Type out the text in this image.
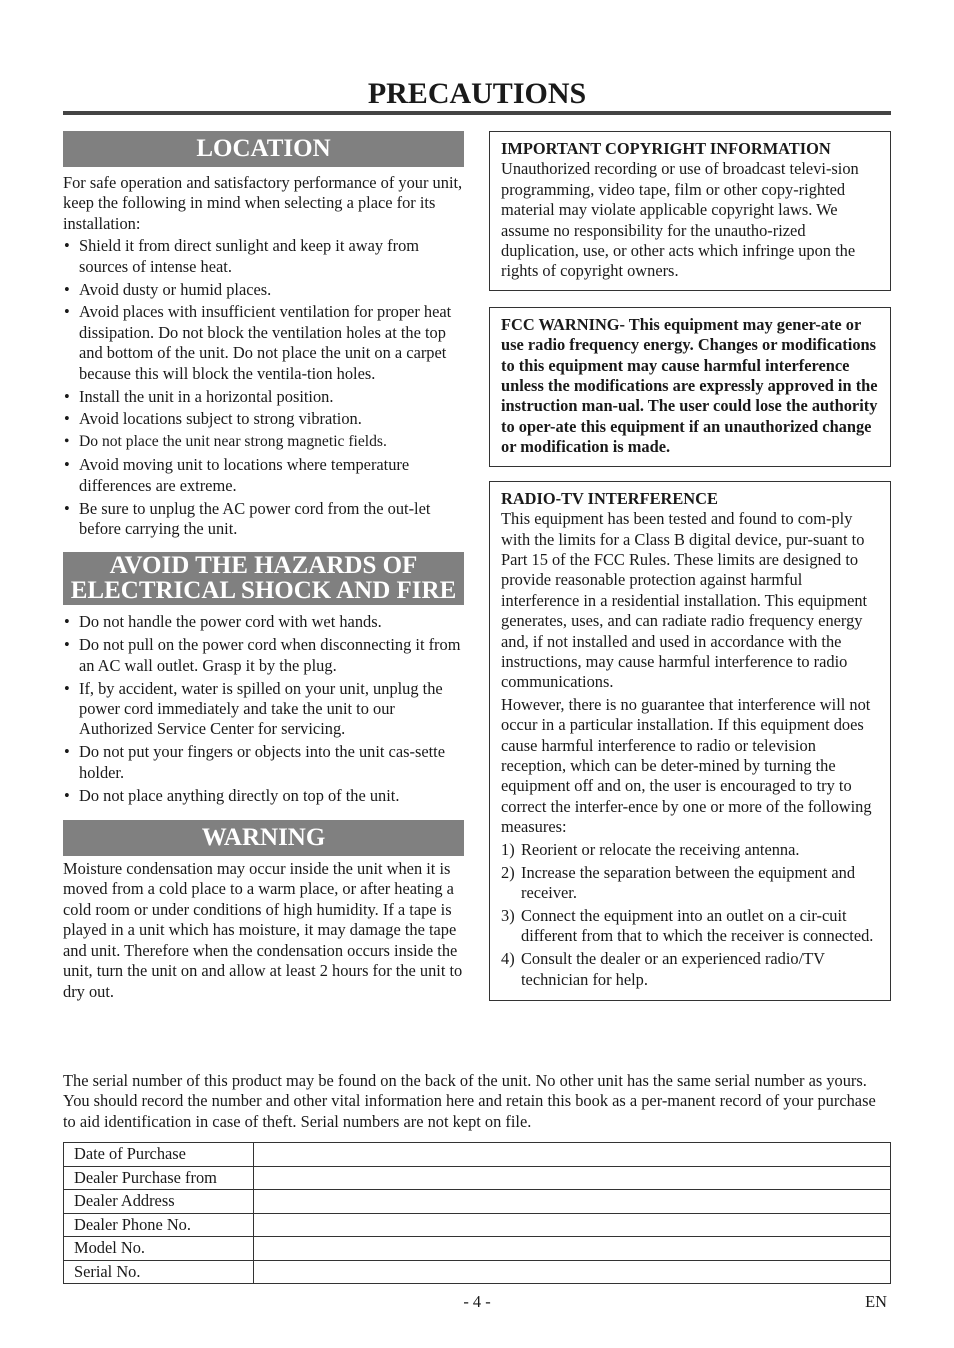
PRECAUTIONS
LOCATION

For safe operation and satisfactory performance of your unit, keep the following in mind when selecting a place for its installation:

• Shield it from direct sunlight and keep it away from sources of intense heat.
• Avoid dusty or humid places.
• Avoid places with insufficient ventilation for proper heat dissipation. Do not block the ventilation holes at the top and bottom of the unit. Do not place the unit on a carpet because this will block the ventila-tion holes.
• Install the unit in a horizontal position.
• Avoid locations subject to strong vibration.
• Do not place the unit near strong magnetic fields.
• Avoid moving unit to locations where temperature differences are extreme.
• Be sure to unplug the AC power cord from the out-let before carrying the unit.
AVOID THE HAZARDS OF
ELECTRICAL SHOCK AND FIRE
• Do not handle the power cord with wet hands.
• Do not pull on the power cord when disconnecting it from an AC wall outlet. Grasp it by the plug.
• If, by accident, water is spilled on your unit, unplug the power cord immediately and take the unit to our Authorized Service Center for servicing.
• Do not put your fingers or objects into the unit cas-sette holder.
• Do not place anything directly on top of the unit.
WARNING

Moisture condensation may occur inside the unit when it is moved from a cold place to a warm place, or after heating a cold room or under conditions of high humidity. If a tape is played in a unit which has moisture, it may damage the tape and unit. Therefore when the condensation occurs inside the unit, turn the unit on and allow at least 2 hours for the unit to dry out.

IMPORTANT COPYRIGHT INFORMATION

Unauthorized recording or use of broadcast televi-sion programming, video tape, film or other copy-righted material may violate applicable copyright laws. We assume no responsibility for the unautho-rized duplication, use, or other acts which infringe upon the rights of copyright owners.

FCC WARNING- This equipment may gener-ate or use radio frequency energy. Changes or modifications to this equipment may cause harmful interference unless the modifications are expressly approved in the instruction man-ual. The user could lose the authority to oper-ate this equipment if an unauthorized change or modification is made.

RADIO-TV INTERFERENCE

This equipment has been tested and found to com-ply with the limits for a Class B digital device, pur-suant to Part 15 of the FCC Rules. These limits are designed to provide reasonable protection against harmful interference in a residential installation. This equipment generates, uses, and can radiate radio frequency energy and, if not installed and used in accordance with the instructions, may cause harmful interference to radio communications.

However, there is no guarantee that interference will not occur in a particular installation. If this equipment does cause harmful interference to radio or television reception, which can be deter-mined by turning the equipment off and on, the user is encouraged to try to correct the interfer-ence by one or more of the following measures:

1) Reorient or relocate the receiving antenna.
2) Increase the separation between the equipment and receiver.
3) Connect the equipment into an outlet on a cir-cuit different from that to which the receiver is connected.
4) Consult the dealer or an experienced radio/TV technician for help.

The serial number of this product may be found on the back of the unit. No other unit has the same serial number as yours. You should record the number and other vital information here and retain this book as a per-manent record of your purchase to aid identification in case of theft. Serial numbers are not kept on file.

Date of Purchase	
Dealer Purchase from	
Dealer Address	
Dealer Phone No.	
Model No.	
Serial No.	
- 4 -	EN
